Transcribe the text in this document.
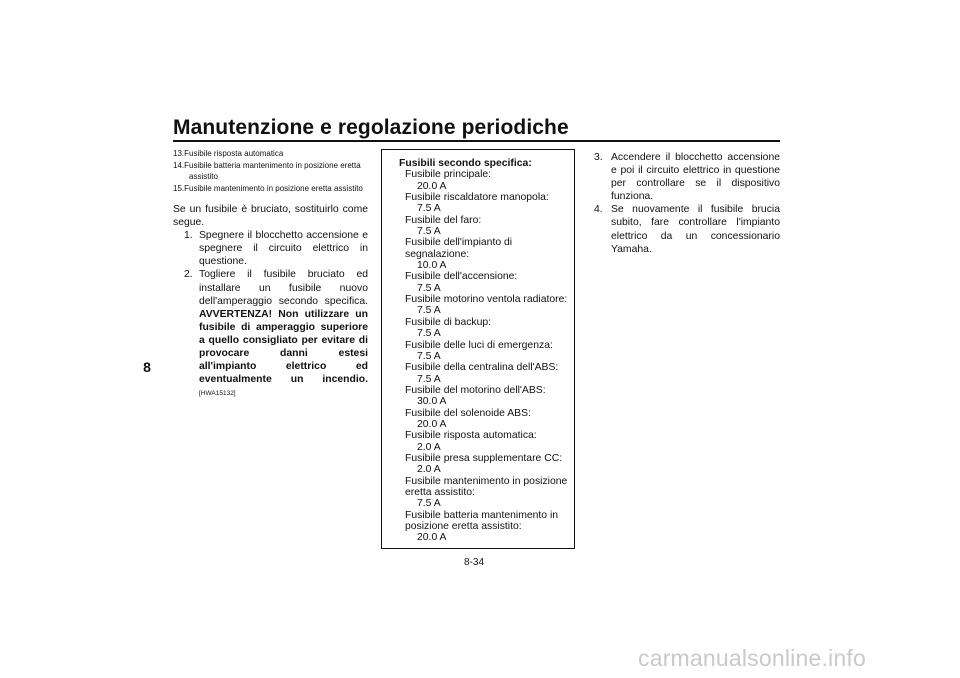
Manutenzione e regolazione periodiche
8
13.Fusibile risposta automatica
14.Fusibile batteria mantenimento in posizione eretta assistito
15.Fusibile mantenimento in posizione eretta assistito

Se un fusibile è bruciato, sostituirlo come segue.

1. Spegnere il blocchetto accensione e spegnere il circuito elettrico in questione.
2. Togliere il fusibile bruciato ed installare un fusibile nuovo dell'amperaggio secondo specifica. AVVERTENZA! Non utilizzare un fusibile di amperaggio superiore a quello consigliato per evitare di provocare danni estesi all'impianto elettrico ed eventualmente un incendio. [HWA15132]
Fusibili secondo specifica:
Fusibile principale:
20.0 A
Fusibile riscaldatore manopola:
7.5 A
Fusibile del faro:
7.5 A
Fusibile dell'impianto di segnalazione:
10.0 A
Fusibile dell'accensione:
7.5 A
Fusibile motorino ventola radiatore:
7.5 A
Fusibile di backup:
7.5 A
Fusibile delle luci di emergenza:
7.5 A
Fusibile della centralina dell'ABS:
7.5 A
Fusibile del motorino dell'ABS:
30.0 A
Fusibile del solenoide ABS:
20.0 A
Fusibile risposta automatica:
2.0 A
Fusibile presa supplementare CC:
2.0 A
Fusibile mantenimento in posizione eretta assistito:
7.5 A
Fusibile batteria mantenimento in posizione eretta assistito:
20.0 A
3. Accendere il blocchetto accensione e poi il circuito elettrico in questione per controllare se il dispositivo funziona.
4. Se nuovamente il fusibile brucia subito, fare controllare l'impianto elettrico da un concessionario Yamaha.
8-34
carmanualsonline.info
